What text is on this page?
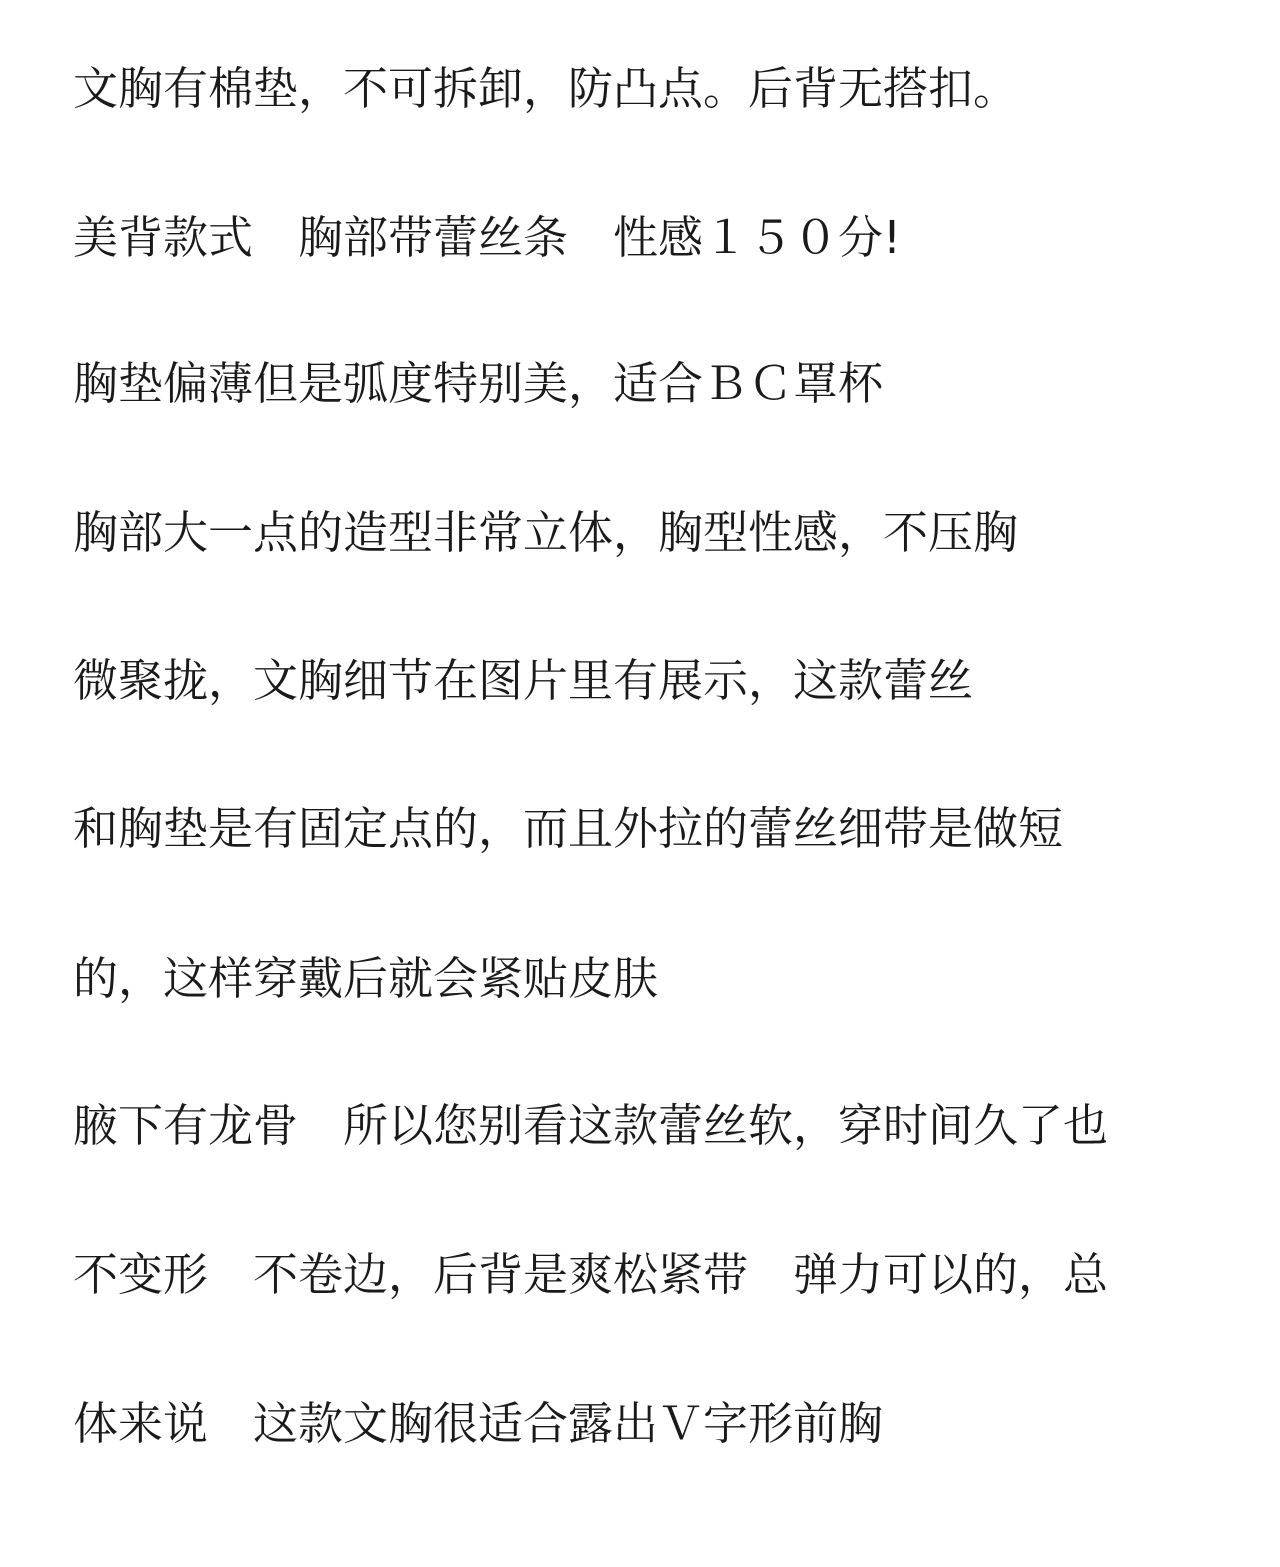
文胸有棉垫，不可拆卸，防凸点。后背无搭扣。
美背款式　胸部带蕾丝条　性感１５０分!
胸垫偏薄但是弧度特别美，适合ＢＣ罩杯
胸部大一点的造型非常立体，胸型性感，不压胸
微聚拢，文胸细节在图片里有展示，这款蕾丝
和胸垫是有固定点的，而且外拉的蕾丝细带是做短
的，这样穿戴后就会紧贴皮肤
腋下有龙骨　所以您别看这款蕾丝软，穿时间久了也
不变形　不卷边，后背是爽松紧带　弹力可以的，总
体来说　这款文胸很适合露出Ｖ字形前胸
